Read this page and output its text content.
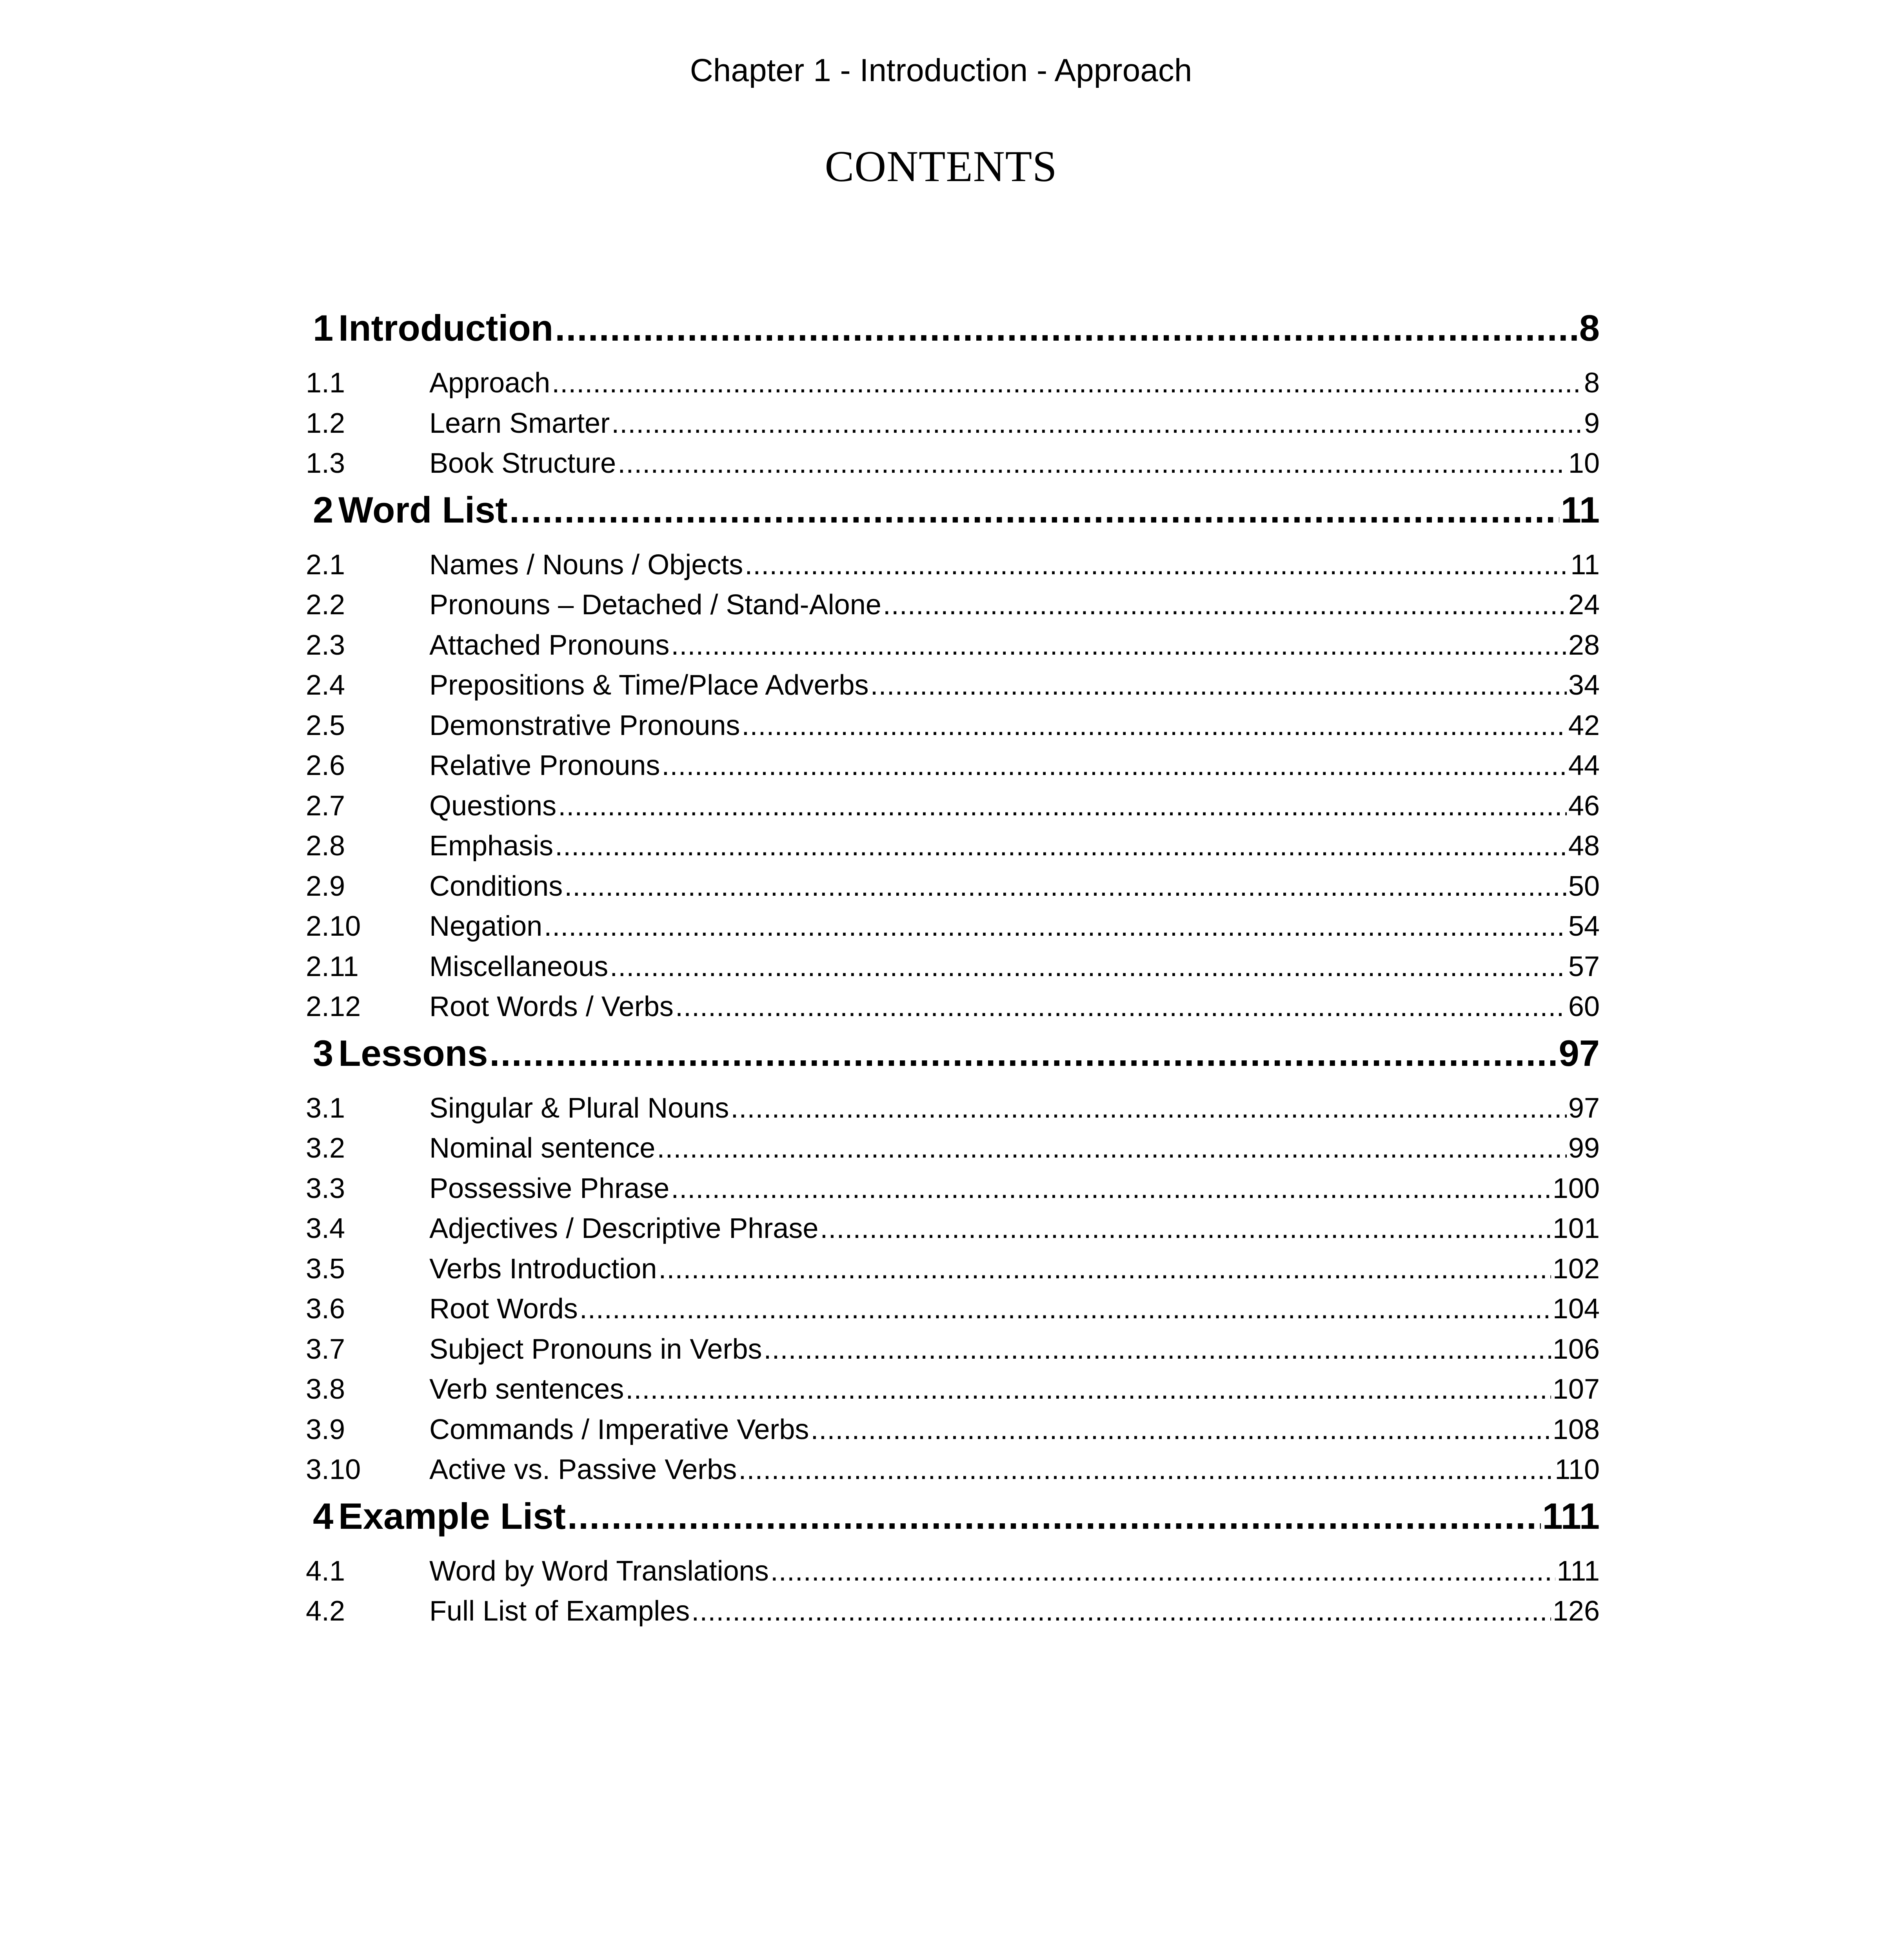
Chapter 1 - Introduction - Approach
CONTENTS
1 Introduction .....	8
1.1	Approach .....	8
1.2	Learn Smarter .....	9
1.3	Book Structure .....	10
2 Word List .....	11
2.1	Names / Nouns / Objects .....	11
2.2	Pronouns – Detached / Stand-Alone .....	24
2.3	Attached Pronouns .....	28
2.4	Prepositions & Time/Place Adverbs .....	34
2.5	Demonstrative Pronouns .....	42
2.6	Relative Pronouns .....	44
2.7	Questions .....	46
2.8	Emphasis .....	48
2.9	Conditions .....	50
2.10	Negation .....	54
2.11	Miscellaneous .....	57
2.12	Root Words / Verbs .....	60
3 Lessons .....	97
3.1	Singular & Plural Nouns .....	97
3.2	Nominal sentence .....	99
3.3	Possessive Phrase .....	100
3.4	Adjectives / Descriptive Phrase .....	101
3.5	Verbs Introduction .....	102
3.6	Root Words .....	104
3.7	Subject Pronouns in Verbs .....	106
3.8	Verb sentences .....	107
3.9	Commands / Imperative Verbs .....	108
3.10	Active vs. Passive Verbs .....	110
4 Example List .....	111
4.1	Word by Word Translations .....	111
4.2	Full List of Examples .....	126
